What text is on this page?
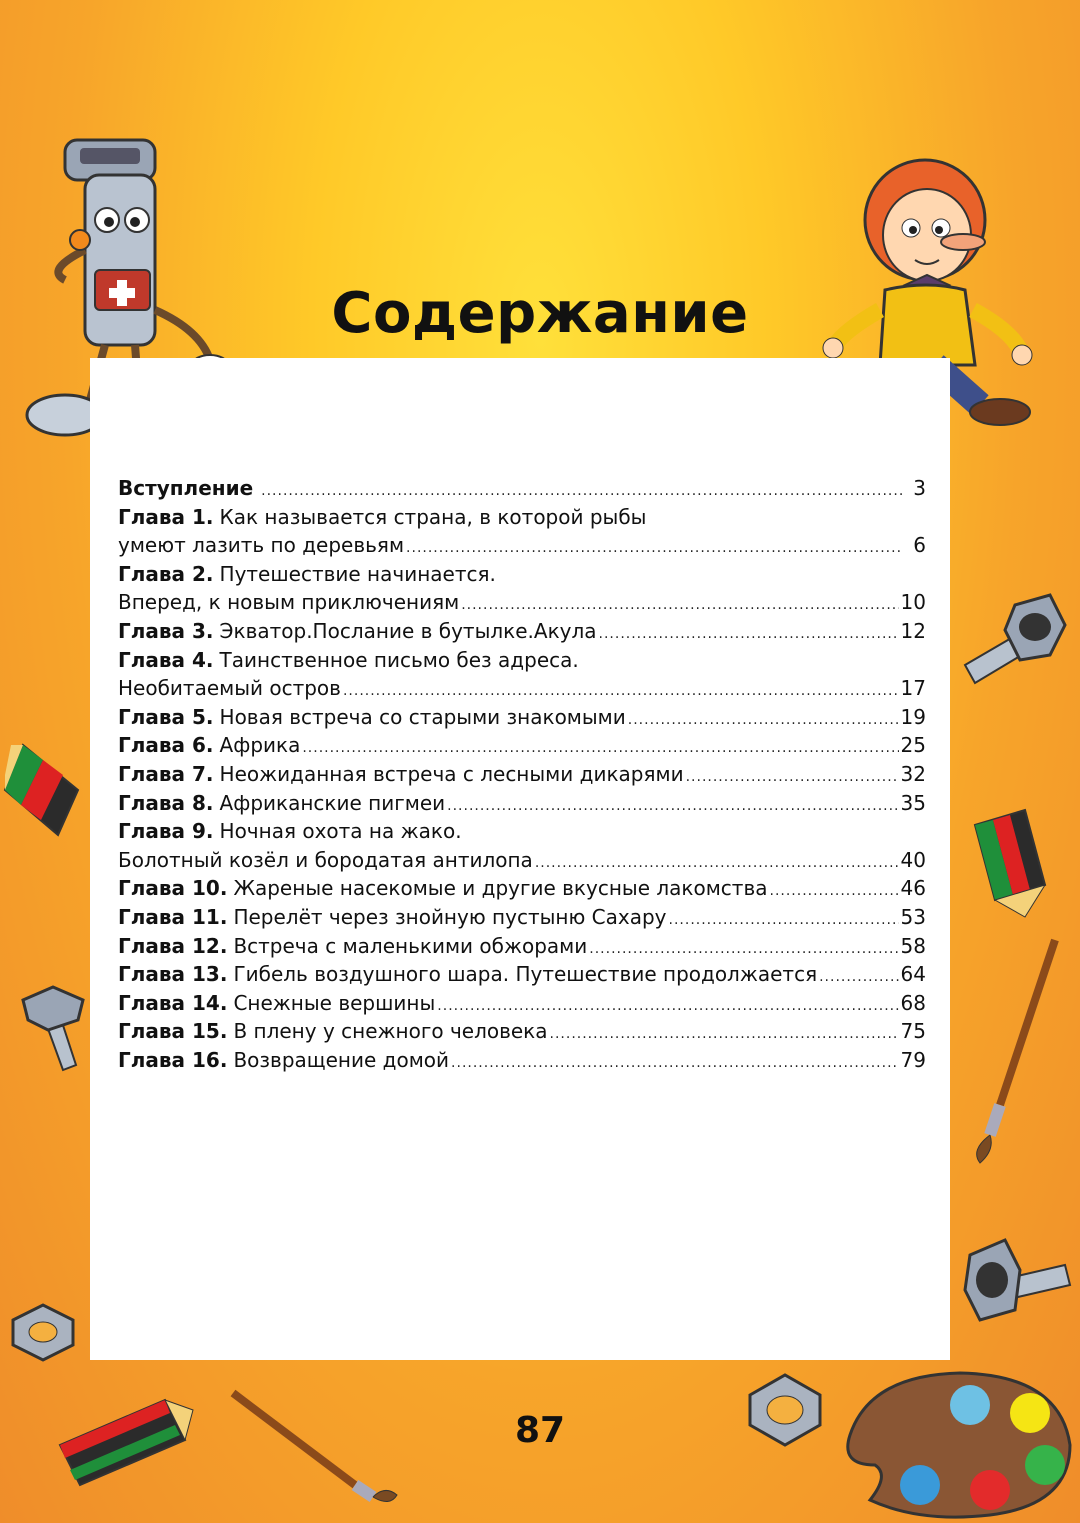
Содержание
Вступление .....	3
Глава 1. Как называется страна, в которой рыбы
умеют лазить по деревьям .....	6
Глава 2. Путешествие начинается.
Вперед, к новым приключениям .....	10
Глава 3. Экватор.Послание в бутылке.Акула .....	12
Глава 4. Таинственное письмо без адреса.
Необитаемый остров .....	17
Глава 5. Новая встреча со старыми знакомыми .....	19
Глава 6. Африка .....	25
Глава 7. Неожиданная встреча с лесными дикарями .....	32
Глава 8. Африканские пигмеи .....	35
Глава 9. Ночная охота на жако.
Болотный козёл и бородатая антилопа .....	40
Глава 10. Жареные насекомые и другие вкусные лакомства .....	46
Глава 11. Перелёт через знойную пустыню Сахару .....	53
Глава 12. Встреча с маленькими обжорами .....	58
Глава 13. Гибель воздушного шара. Путешествие продолжается .....	64
Глава 14. Снежные вершины .....	68
Глава 15. В плену у снежного человека .....	75
Глава 16. Возвращение домой .....	79
87
